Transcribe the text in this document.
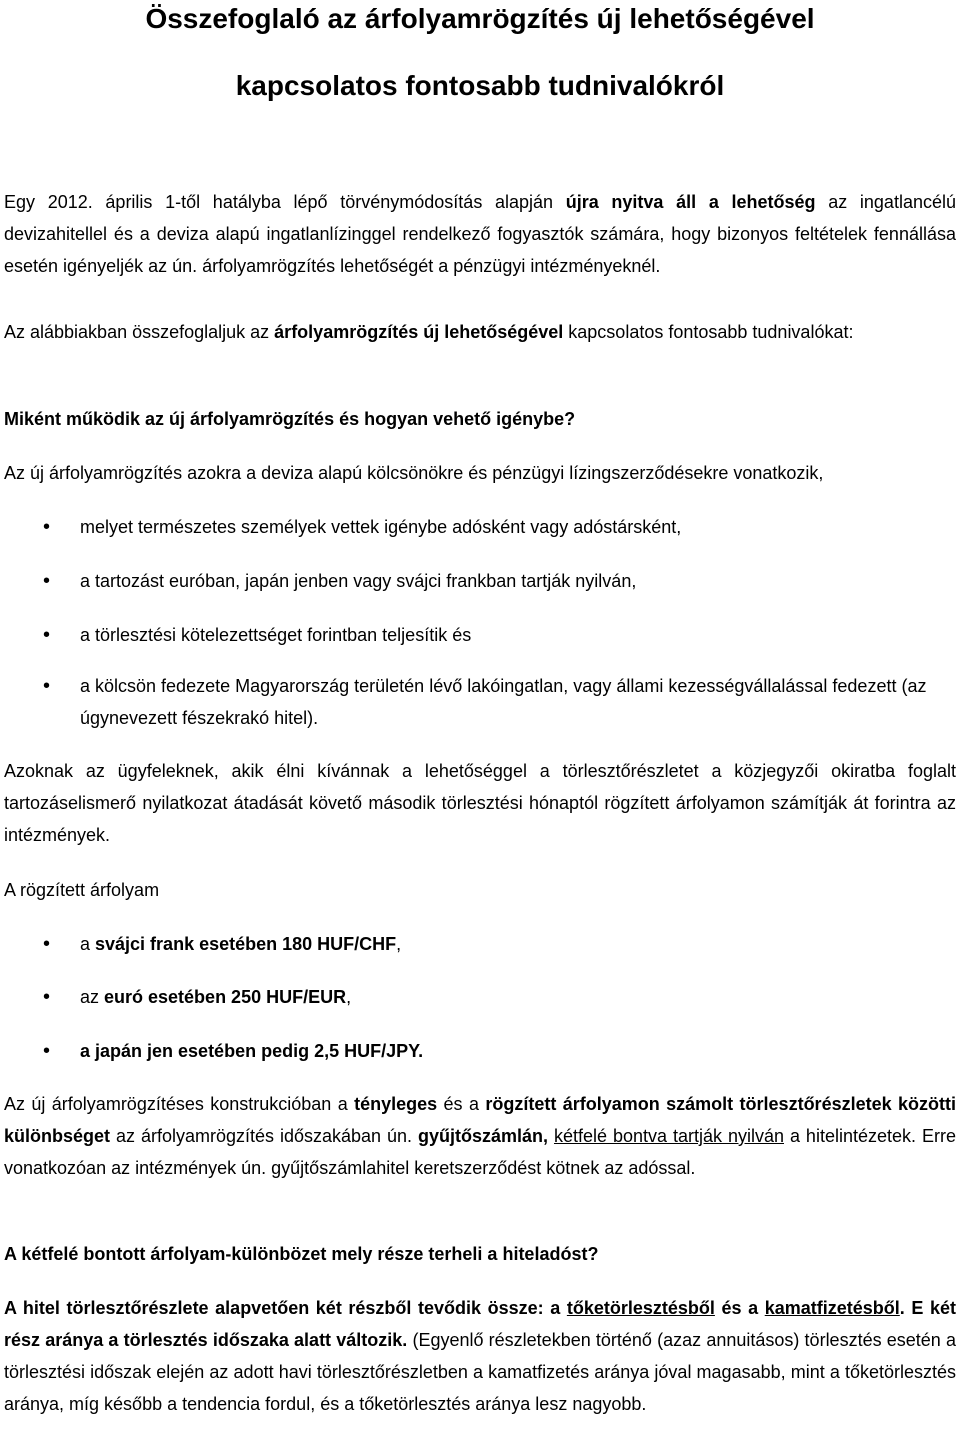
Összefoglaló az árfolyamrögzítés új lehetőségével
kapcsolatos fontosabb tudnivalókról

Egy 2012. április 1-től hatályba lépő törvénymódosítás alapján újra nyitva áll a lehetőség az ingatlancélú devizahitellel és a deviza alapú ingatlanlízinggel rendelkező fogyasztók számára, hogy bizonyos feltételek fennállása esetén igényeljék az ún. árfolyamrögzítés lehetőségét a pénzügyi intézményeknél.

Az alábbiakban összefoglaljuk az árfolyamrögzítés új lehetőségével kapcsolatos fontosabb tudnivalókat:

Miként működik az új árfolyamrögzítés és hogyan vehető igénybe?

Az új árfolyamrögzítés azokra a deviza alapú kölcsönökre és pénzügyi lízingszerződésekre vonatkozik,

• melyet természetes személyek vettek igénybe adósként vagy adóstársként,

• a tartozást euróban, japán jenben vagy svájci frankban tartják nyilván,

• a törlesztési kötelezettséget forintban teljesítik és

• a kölcsön fedezete Magyarország területén lévő lakóingatlan, vagy állami kezességvállalással fedezett (az úgynevezett fészekrakó hitel).

Azoknak az ügyfeleknek, akik élni kívánnak a lehetőséggel a törlesztőrészletet a közjegyzői okiratba foglalt tartozáselismerő nyilatkozat átadását követő második törlesztési hónaptól rögzített árfolyamon számítják át forintra az intézmények.

A rögzített árfolyam

• a svájci frank esetében 180 HUF/CHF,

• az euró esetében 250 HUF/EUR,

• a japán jen esetében pedig 2,5 HUF/JPY.

Az új árfolyamrögzítéses konstrukcióban a tényleges és a rögzített árfolyamon számolt törlesztőrészletek közötti különbséget az árfolyamrögzítés időszakában ún. gyűjtőszámlán, kétfelé bontva tartják nyilván a hitelintézetek. Erre vonatkozóan az intézmények ún. gyűjtőszámlahitel keretszerződést kötnek az adóssal.

A kétfelé bontott árfolyam-különbözet mely része terheli a hiteladóst?

A hitel törlesztőrészlete alapvetően két részből tevődik össze: a tőketörlesztésből és a kamatfizetésből. E két rész aránya a törlesztés időszaka alatt változik. (Egyenlő részletekben történő (azaz annuitásos) törlesztés esetén a törlesztési időszak elején az adott havi törlesztőrészletben a kamatfizetés aránya jóval magasabb, mint a tőketörlesztés aránya, míg később a tendencia fordul, és a tőketörlesztés aránya lesz nagyobb.
